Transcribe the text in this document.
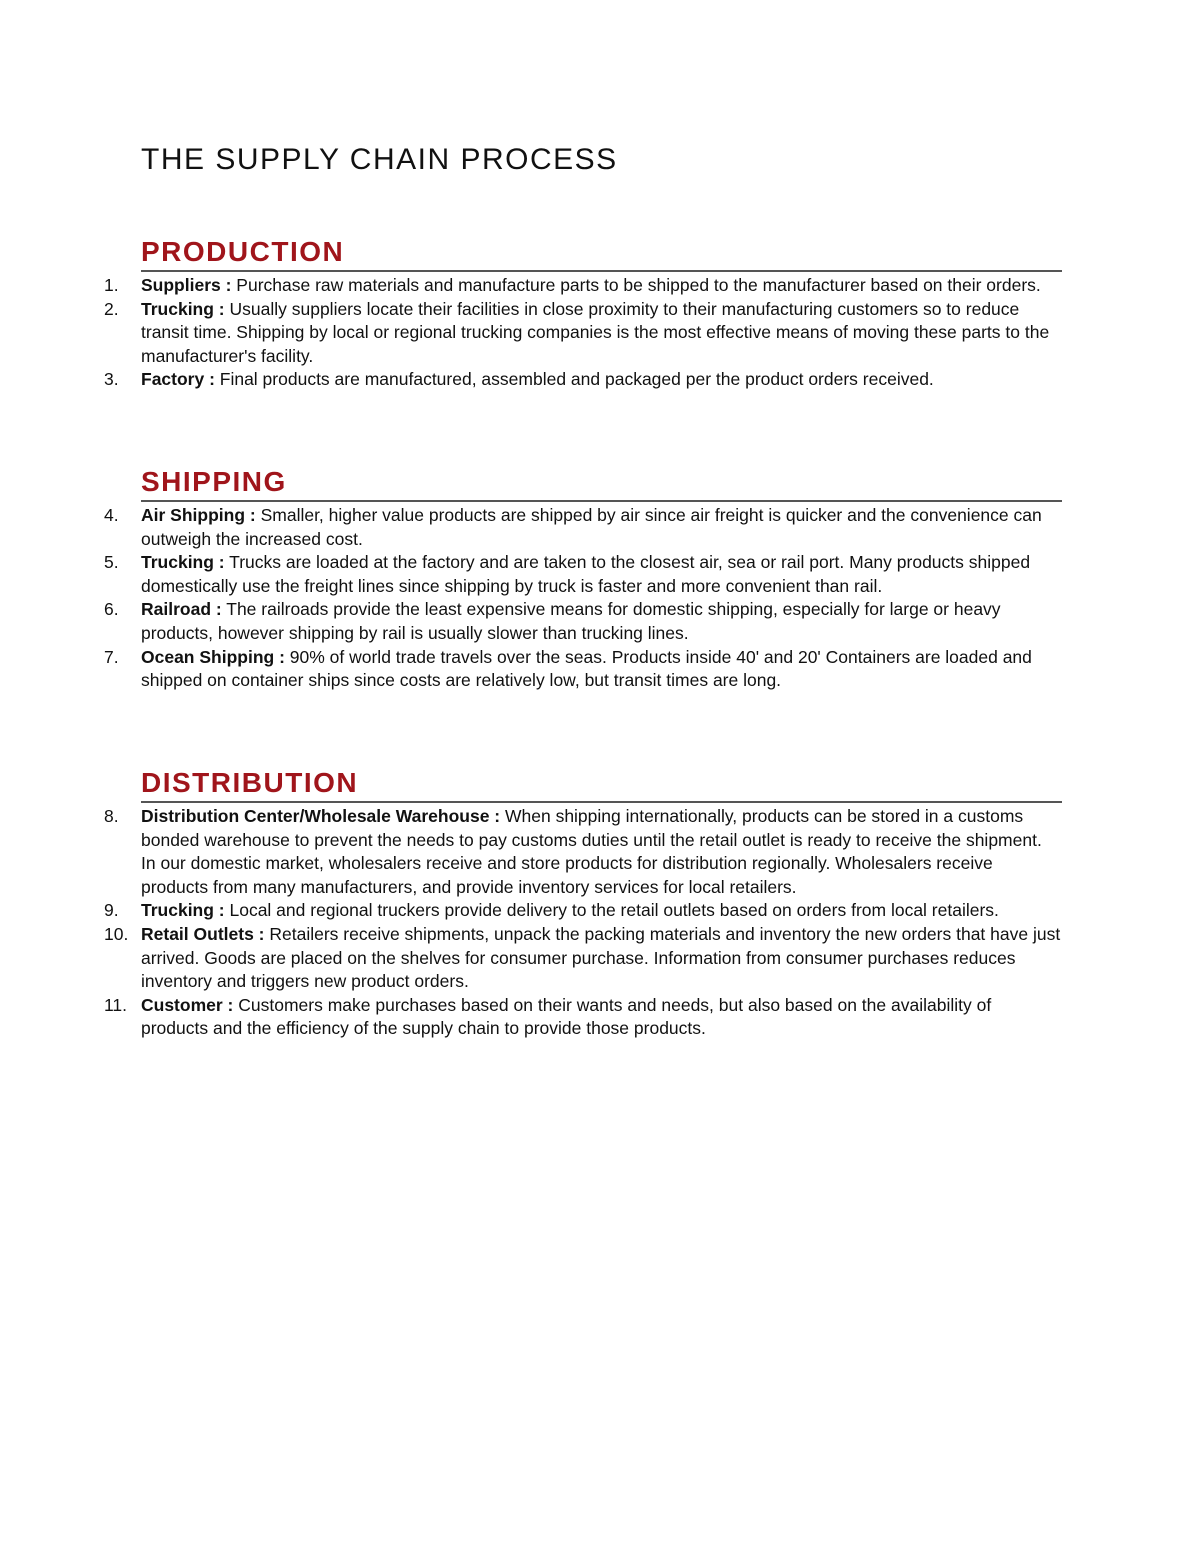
THE SUPPLY CHAIN PROCESS
PRODUCTION
1.	Suppliers : Purchase raw materials and manufacture parts to be shipped to the manufacturer based on their orders.
2.	Trucking : Usually suppliers locate their facilities in close proximity to their manufacturing customers so to reduce transit time. Shipping by local or regional trucking companies is the most effective means of moving these parts to the manufacturer's facility.
3.	Factory : Final products are manufactured, assembled and packaged per the product orders received.
SHIPPING
4.	Air Shipping : Smaller, higher value products are shipped by air since air freight is quicker and the convenience can outweigh the increased cost.
5.	Trucking : Trucks are loaded at the factory and are taken to the closest air, sea or rail port. Many products shipped domestically use the freight lines since shipping by truck is faster and more convenient than rail.
6.	Railroad : The railroads provide the least expensive means for domestic shipping, especially for large or heavy products, however shipping by rail is usually slower than trucking lines.
7.	Ocean Shipping : 90% of world trade travels over the seas. Products inside 40' and 20' Containers are loaded and shipped on container ships since costs are relatively low, but transit times are long.
DISTRIBUTION
8.	Distribution Center/Wholesale Warehouse : When shipping internationally, products can be stored in a customs bonded warehouse to prevent the needs to pay customs duties until the retail outlet is ready to receive the shipment. In our domestic market, wholesalers receive and store products for distribution regionally. Wholesalers receive products from many manufacturers, and provide inventory services for local retailers.
9.	Trucking : Local and regional truckers provide delivery to the retail outlets based on orders from local retailers.
10. Retail Outlets : Retailers receive shipments, unpack the packing materials and inventory the new orders that have just arrived. Goods are placed on the shelves for consumer purchase. Information from consumer purchases reduces inventory and triggers new product orders.
11. Customer : Customers make purchases based on their wants and needs, but also based on the availability of products and the efficiency of the supply chain to provide those products.
